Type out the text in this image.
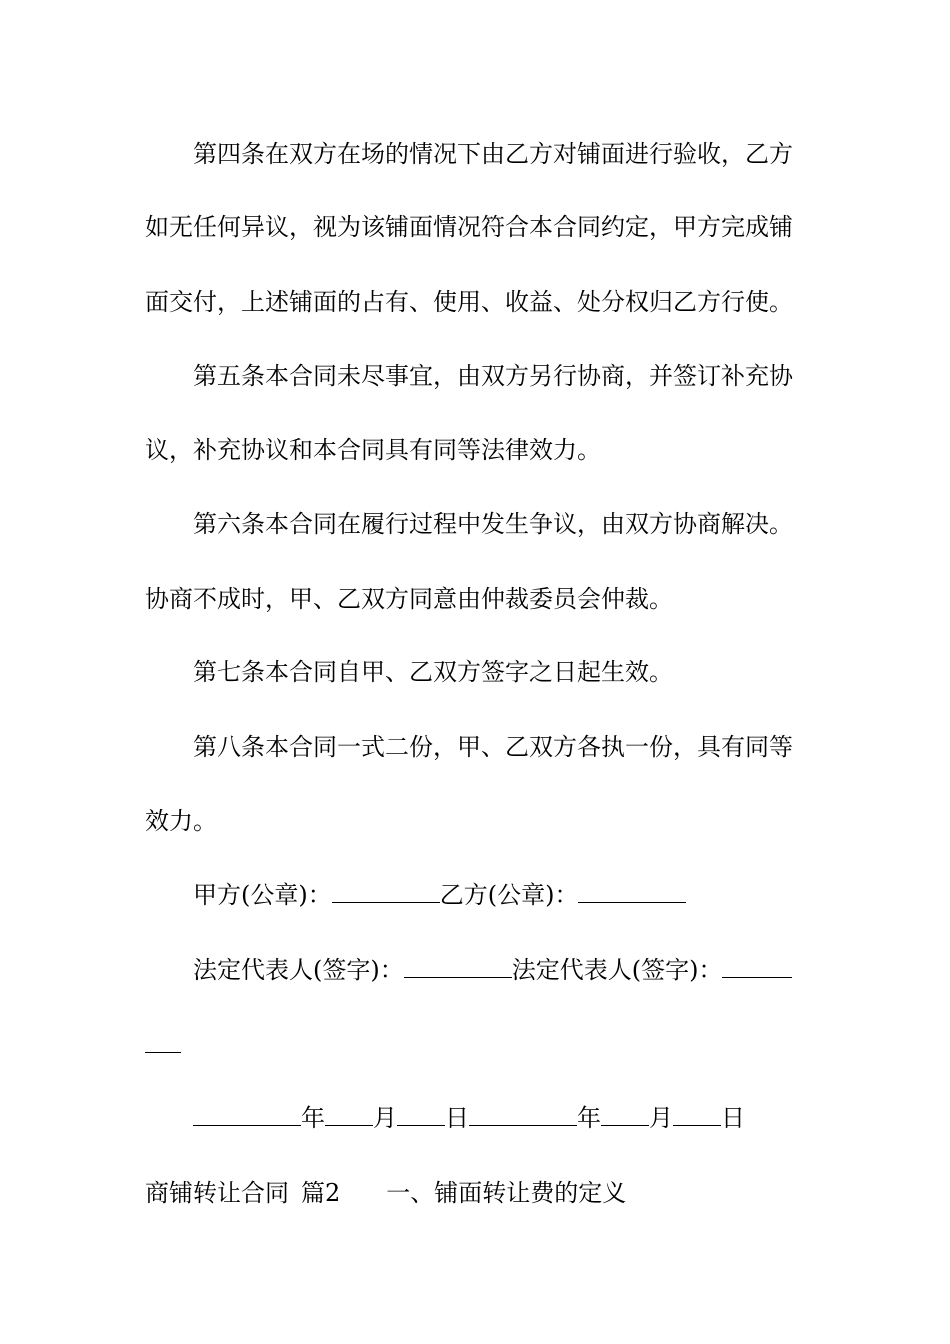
第四条在双方在场的情况下由乙方对铺面进行验收，乙方
如无任何异议，视为该铺面情况符合本合同约定，甲方完成铺
面交付，上述铺面的占有、使用、收益、处分权归乙方行使。
第五条本合同未尽事宜，由双方另行协商，并签订补充协
议，补充协议和本合同具有同等法律效力。
第六条本合同在履行过程中发生争议，由双方协商解决。
协商不成时，甲、乙双方同意由仲裁委员会仲裁。
第七条本合同自甲、乙双方签字之日起生效。
第八条本合同一式二份，甲、乙双方各执一份，具有同等
效力。
甲方(公章)：	乙方(公章)：
法定代表人(签字)：	法定代表人(签字)：
年 月 日	年 月 日
商铺转让合同 篇2 一、铺面转让费的定义
